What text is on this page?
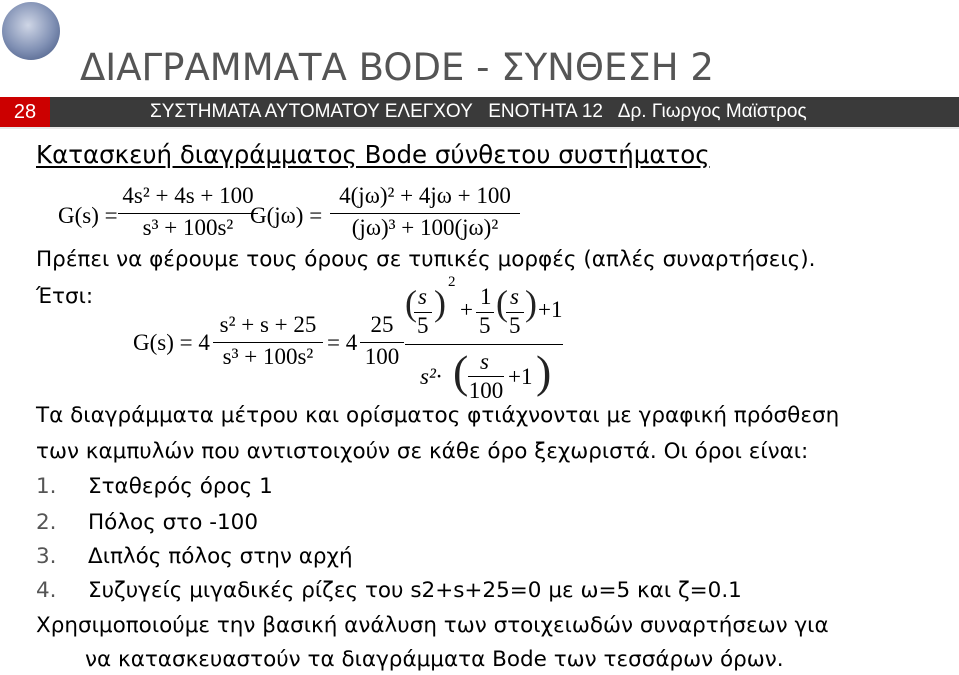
ΔΙΑΓΡΑΜΜΑΤΑ BODE - ΣΥΝΘΕΣΗ 2
28	ΣΥΣΤΗΜΑΤΑ ΑΥΤΟΜΑΤΟΥ ΕΛΕΓΧΟΥ   ΕΝΟΤΗΤΑ 12   Δρ. Γιωργος Μαϊστρος
Κατασκευή διαγράμματος Bode σύνθετου συστήματος
G(s) =
4s² + 4s + 100
s³ + 100s² G(jω) =
4(jω)² + 4jω + 100
(jω)³ + 100(jω)²
Πρέπει να φέρουμε τους όρους σε τυπικές μορφές (απλές συναρτήσεις).
Έτσι:
G(s) = 4
s² + s + 25
s³ + 100s²
= 4
25
100
( s
5
)
2
+
1
5
( s
5
) +1
s²· ( s
100
+1 )
Τα διαγράμματα μέτρου και ορίσματος φτιάχνονται με γραφική πρόσθεση
των καμπυλών που αντιστοιχούν σε κάθε όρο ξεχωριστά. Οι όροι είναι:
1. Σταθερός όρος 1
2. Πόλος στο -100
3. Διπλός πόλος στην αρχή
4. Συζυγείς μιγαδικές ρίζες του s2+s+25=0 με ω=5 και ζ=0.1
Χρησιμοποιούμε την βασική ανάλυση των στοιχειωδών συναρτήσεων για
να κατασκευαστούν τα διαγράμματα Bode των τεσσάρων όρων.
